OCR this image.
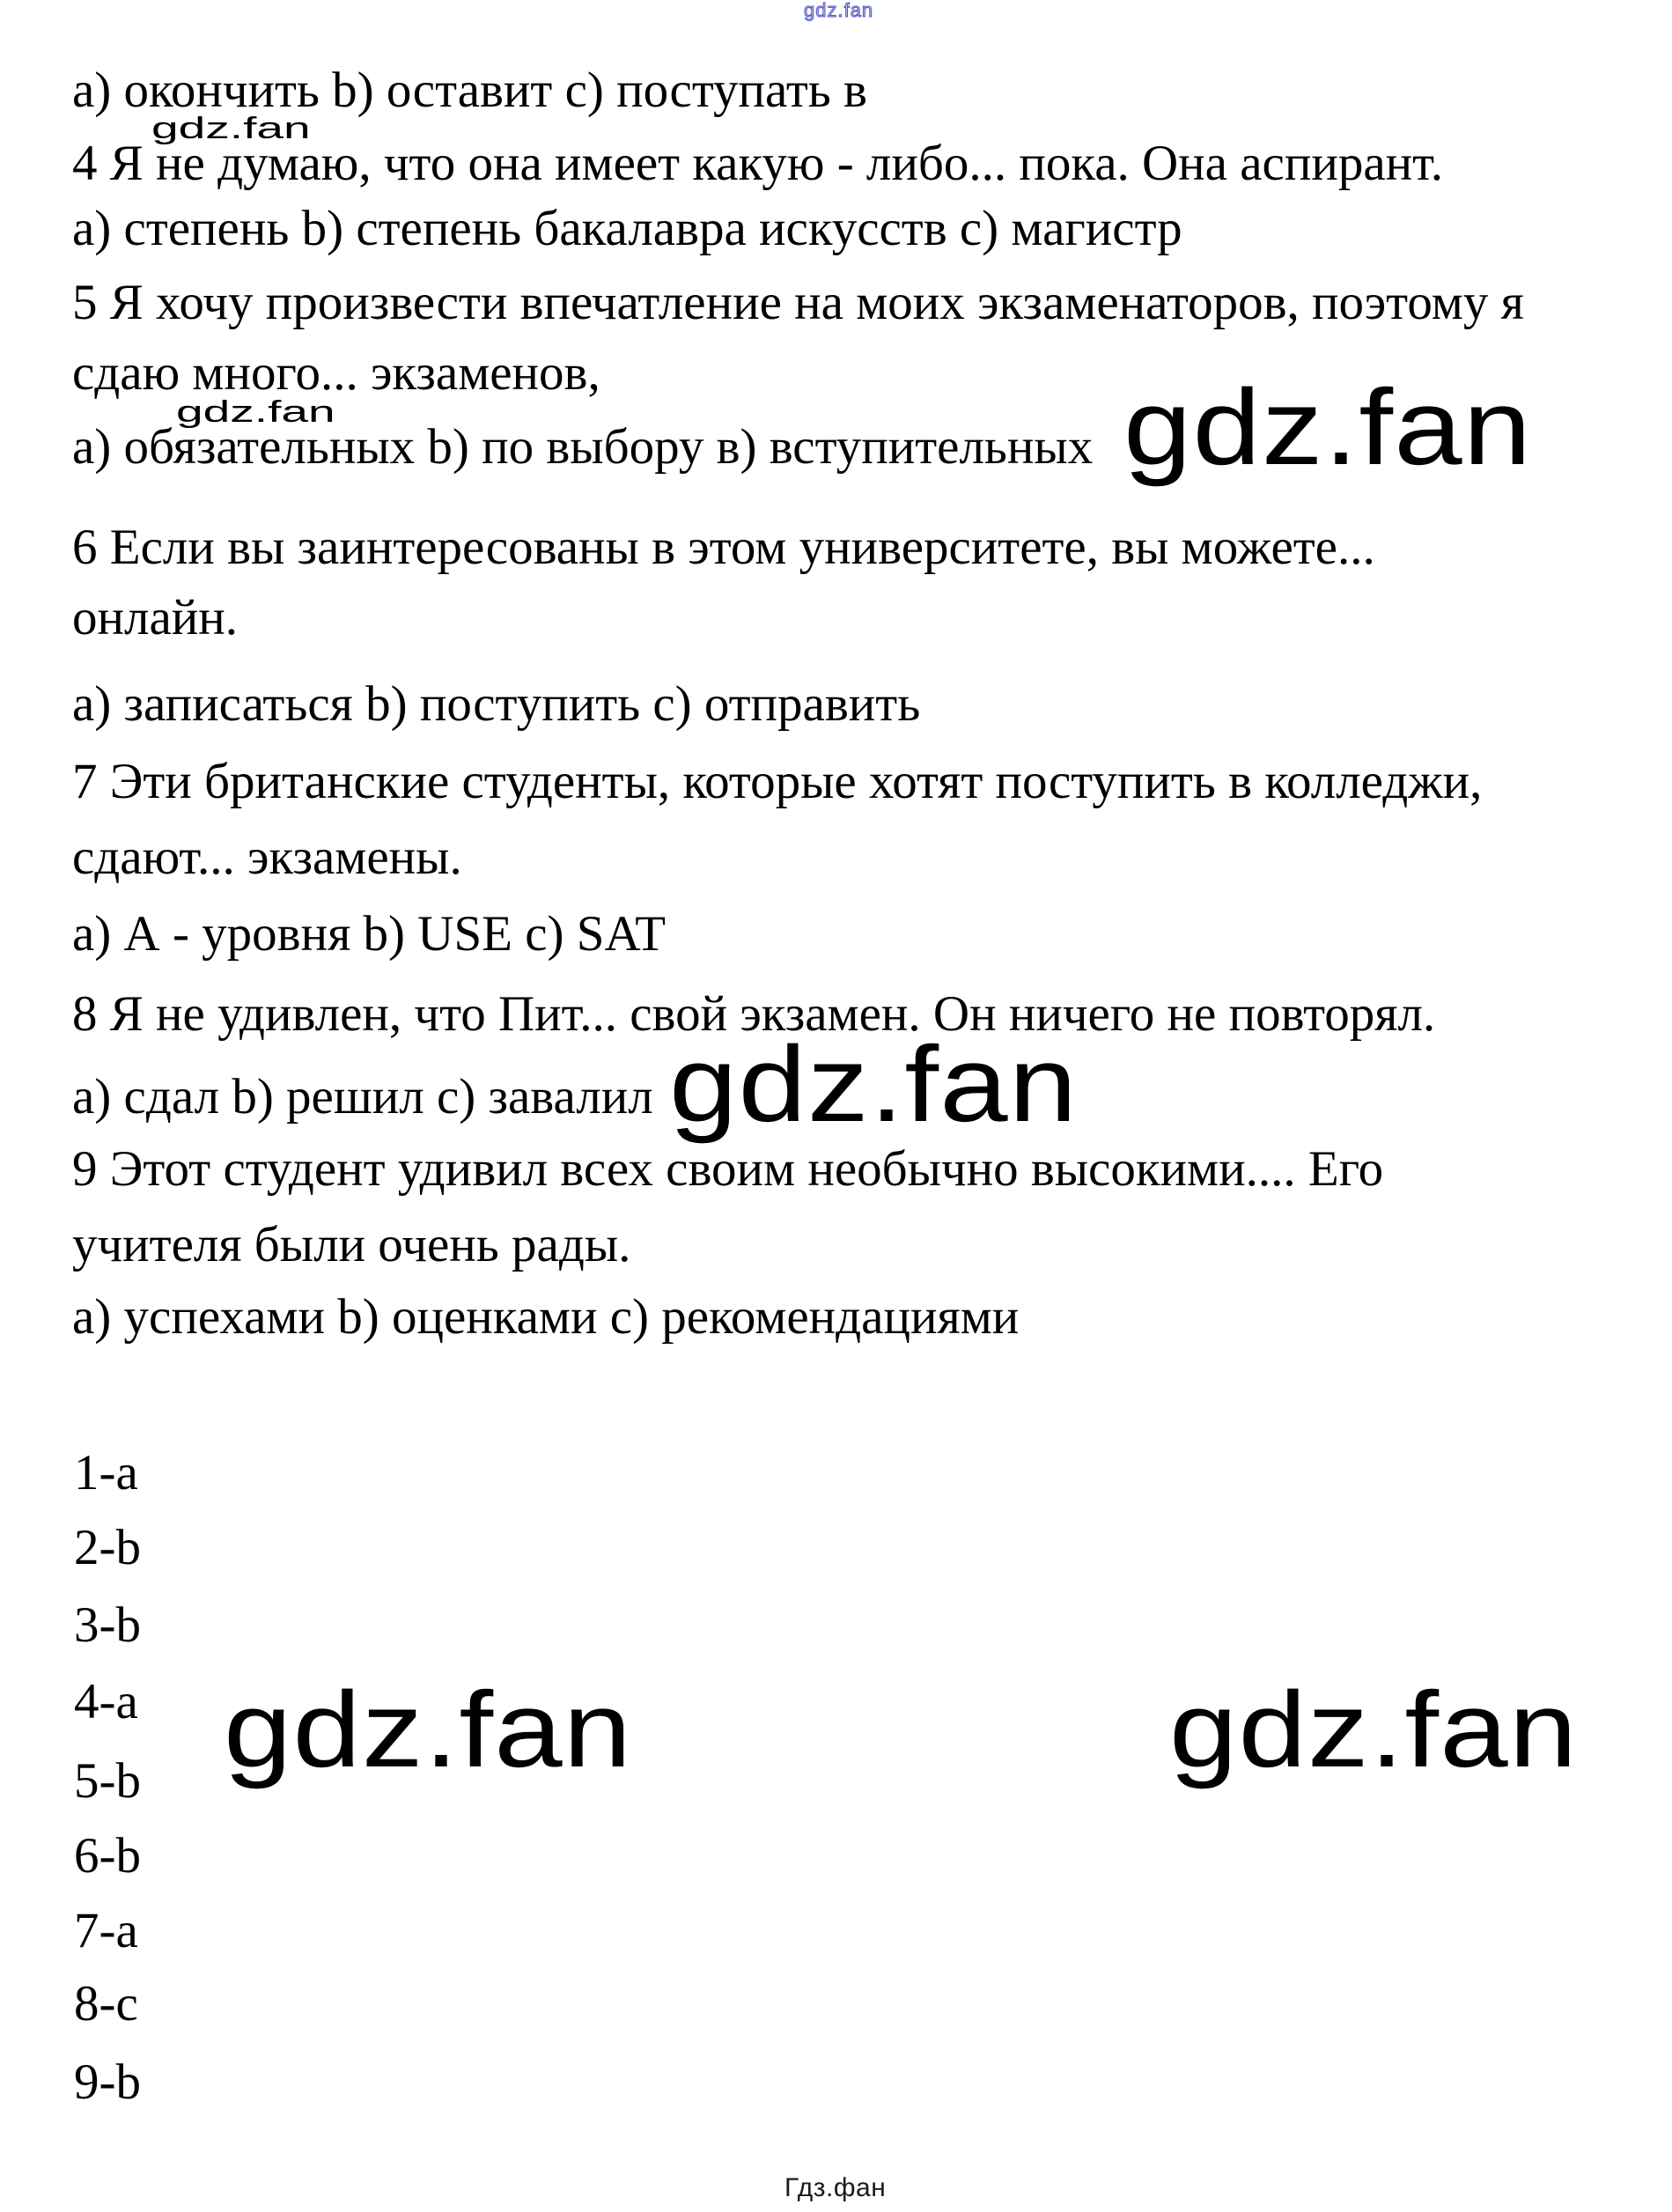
gdz.fan
а) окончить b) оставит c) поступать в
4 Я не думаю, что она имеет какую - либо... пока. Она аспирант.
а) степень b) степень бакалавра искусств c) магистр
5 Я хочу произвести впечатление на моих экзаменаторов, поэтому я
сдаю много... экзаменов,
а) обязательных b) по выбору в) вступительных
6 Если вы заинтересованы в этом университете, вы можете...
онлайн.
а) записаться b) поступить c) отправить
7 Эти британские студенты, которые хотят поступить в колледжи,
сдают... экзамены.
а) А - уровня b) USE c) SAT
8 Я не удивлен, что Пит... свой экзамен. Он ничего не повторял.
а) сдал b) решил c) завалил
9 Этот студент удивил всех своим необычно высокими.... Его
учителя были очень рады.
а) успехами b) оценками c) рекомендациями
1-a
2-b
3-b
4-a
5-b
6-b
7-a
8-c
9-b
gdz.fan
gdz.fan	gdz.fan
gdz.fan
gdz.fan	gdz.fan
Гдз.фан
